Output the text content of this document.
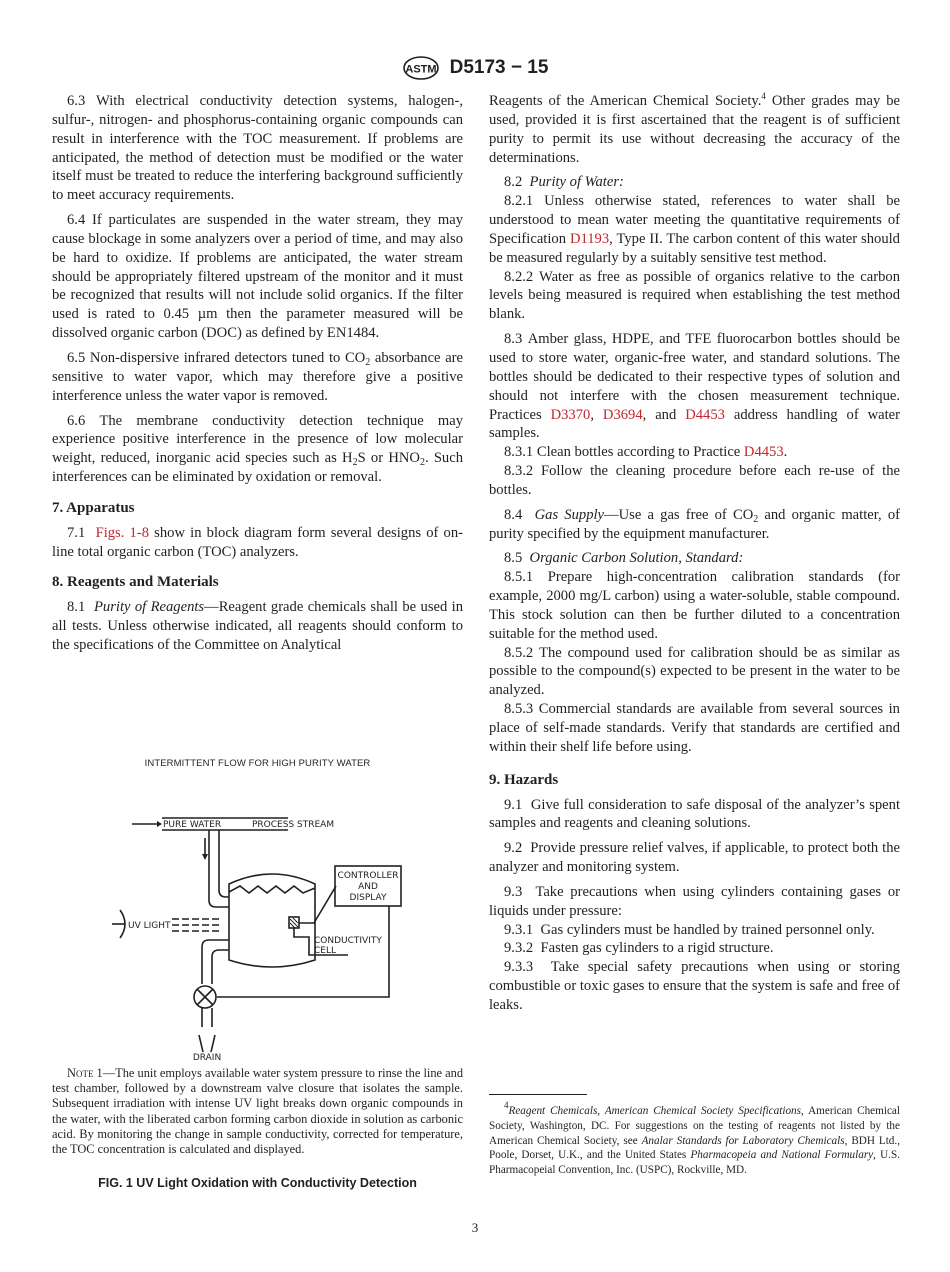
ASTM D5173 − 15

6.3 With electrical conductivity detection systems, halogen-, sulfur-, nitrogen- and phosphorus-containing organic compounds can result in interference with the TOC measurement. If problems are anticipated, the method of detection must be modified or the water itself must be treated to reduce the interfering background sufficiently to meet accuracy requirements.

6.4 If particulates are suspended in the water stream, they may cause blockage in some analyzers over a period of time, and may also be hard to oxidize. If problems are anticipated, the water stream should be appropriately filtered upstream of the monitor and it must be recognized that results will not include solid organics. If the filter used is rated to 0.45 µm then the parameter measured will be dissolved organic carbon (DOC) as defined by EN1484.

6.5 Non-dispersive infrared detectors tuned to $CO_2$ absorbance are sensitive to water vapor, which may therefore give a positive interference unless the water vapor is removed.

6.6 The membrane conductivity detection technique may experience positive interference in the presence of low molecular weight, reduced, inorganic acid species such as $H_2S$ or $HNO_2$. Such interferences can be eliminated by oxidation or removal.

7. Apparatus

7.1 Figs. 1-8 show in block diagram form several designs of on-line total organic carbon (TOC) analyzers.

8. Reagents and Materials

8.1 Purity of Reagents—Reagent grade chemicals shall be used in all tests. Unless otherwise indicated, all reagents should conform to the specifications of the Committee on Analytical

INTERMITTENT FLOW FOR HIGH PURITY WATER
PURE WATER	PROCESS STREAM
CONTROLLER
AND
DISPLAY
UV LIGHT
CONDUCTIVITY
CELL
DRAIN
Note 1—The unit employs available water system pressure to rinse the line and test chamber, followed by a downstream valve closure that isolates the sample. Subsequent irradiation with intense UV light breaks down organic compounds in the water, with the liberated carbon forming carbon dioxide in solution as carbonic acid. By monitoring the change in sample conductivity, corrected for temperature, the TOC concentration is calculated and displayed.
FIG. 1 UV Light Oxidation with Conductivity Detection

Reagents of the American Chemical Society.$^4$ Other grades may be used, provided it is first ascertained that the reagent is of sufficient purity to permit its use without decreasing the accuracy of the determinations.

8.2 Purity of Water:

8.2.1 Unless otherwise stated, references to water shall be understood to mean water meeting the quantitative requirements of Specification D1193, Type II. The carbon content of this water should be measured regularly by a suitably sensitive test method.

8.2.2 Water as free as possible of organics relative to the carbon levels being measured is required when establishing the test method blank.

8.3 Amber glass, HDPE, and TFE fluorocarbon bottles should be used to store water, organic-free water, and standard solutions. The bottles should be dedicated to their respective types of solution and should not interfere with the chosen measurement technique. Practices D3370, D3694, and D4453 address handling of water samples.

8.3.1 Clean bottles according to Practice D4453.

8.3.2 Follow the cleaning procedure before each re-use of the bottles.

8.4 Gas Supply—Use a gas free of $CO_2$ and organic matter, of purity specified by the equipment manufacturer.

8.5 Organic Carbon Solution, Standard:

8.5.1 Prepare high-concentration calibration standards (for example, 2000 mg/L carbon) using a water-soluble, stable compound. This stock solution can then be further diluted to a concentration suitable for the method used.

8.5.2 The compound used for calibration should be as similar as possible to the compound(s) expected to be present in the water to be analyzed.

8.5.3 Commercial standards are available from several sources in place of self-made standards. Verify that standards are certified and within their shelf life before using.

9. Hazards

9.1 Give full consideration to safe disposal of the analyzer’s spent samples and reagents and cleaning solutions.

9.2 Provide pressure relief valves, if applicable, to protect both the analyzer and monitoring system.

9.3 Take precautions when using cylinders containing gases or liquids under pressure:

9.3.1 Gas cylinders must be handled by trained personnel only.

9.3.2 Fasten gas cylinders to a rigid structure.

9.3.3 Take special safety precautions when using or storing combustible or toxic gases to ensure that the system is safe and free of leaks.

$^4$Reagent Chemicals, American Chemical Society Specifications, American Chemical Society, Washington, DC. For suggestions on the testing of reagents not listed by the American Chemical Society, see Analar Standards for Laboratory Chemicals, BDH Ltd., Poole, Dorset, U.K., and the United States Pharmacopeia and National Formulary, U.S. Pharmacopeial Convention, Inc. (USPC), Rockville, MD.
3
